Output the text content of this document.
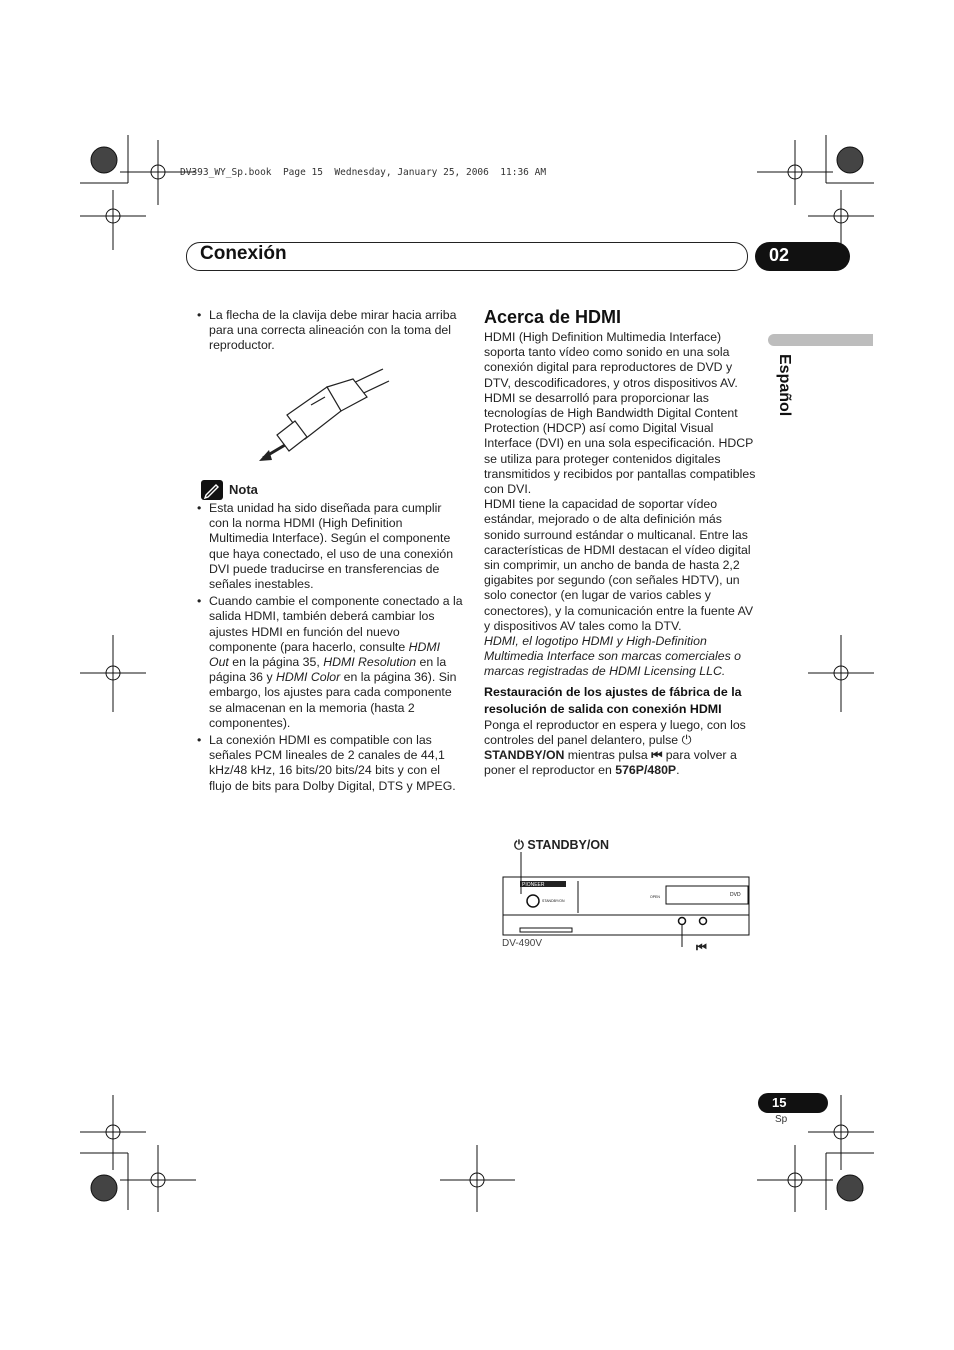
DV393_WY_Sp.book  Page 15  Wednesday, January 25, 2006  11:36 AM
Conexión	02
Español
• La flecha de la clavija debe mirar hacia arriba para una correcta alineación con la toma del reproductor.
Nota
• Esta unidad ha sido diseñada para cumplir con la norma HDMI (High Definition Multimedia Interface). Según el componente que haya conectado, el uso de una conexión DVI puede traducirse en transferencias de señales inestables.
• Cuando cambie el componente conectado a la salida HDMI, también deberá cambiar los ajustes HDMI en función del nuevo componente (para hacerlo, consulte HDMI Out en la página 35, HDMI Resolution en la página 36 y HDMI Color en la página 36). Sin embargo, los ajustes para cada componente se almacenan en la memoria (hasta 2 componentes).
• La conexión HDMI es compatible con las señales PCM lineales de 2 canales de 44,1 kHz/48 kHz, 16 bits/20 bits/24 bits y con el flujo de bits para Dolby Digital, DTS y MPEG.
Acerca de HDMI

HDMI (High Definition Multimedia Interface) soporta tanto vídeo como sonido en una sola conexión digital para reproductores de DVD y DTV, descodificadores, y otros dispositivos AV. HDMI se desarrolló para proporcionar las tecnologías de High Bandwidth Digital Content Protection (HDCP) así como Digital Visual Interface (DVI) en una sola especificación. HDCP se utiliza para proteger contenidos digitales transmitidos y recibidos por pantallas compatibles con DVI.

HDMI tiene la capacidad de soportar vídeo estándar, mejorado o de alta definición más sonido surround estándar o multicanal. Entre las características de HDMI destacan el vídeo digital sin comprimir, un ancho de banda de hasta 2,2 gigabites por segundo (con señales HDTV), un solo conector (en lugar de varios cables y conectores), y la comunicación entre la fuente AV y dispositivos AV tales como la DTV.

HDMI, el logotipo HDMI y High-Definition Multimedia Interface son marcas comerciales o marcas registradas de HDMI Licensing LLC.

Restauración de los ajustes de fábrica de la resolución de salida con conexión HDMI

Ponga el reproductor en espera y luego, con los controles del panel delantero, pulse ⏻ STANDBY/ON mientras pulsa ⏮ para volver a poner el reproductor en 576P/480P.

⏻ STANDBY/ON
PIONEER
DVD
STANDBY/ON
OPEN
DV-490V	⏮
15
Sp
